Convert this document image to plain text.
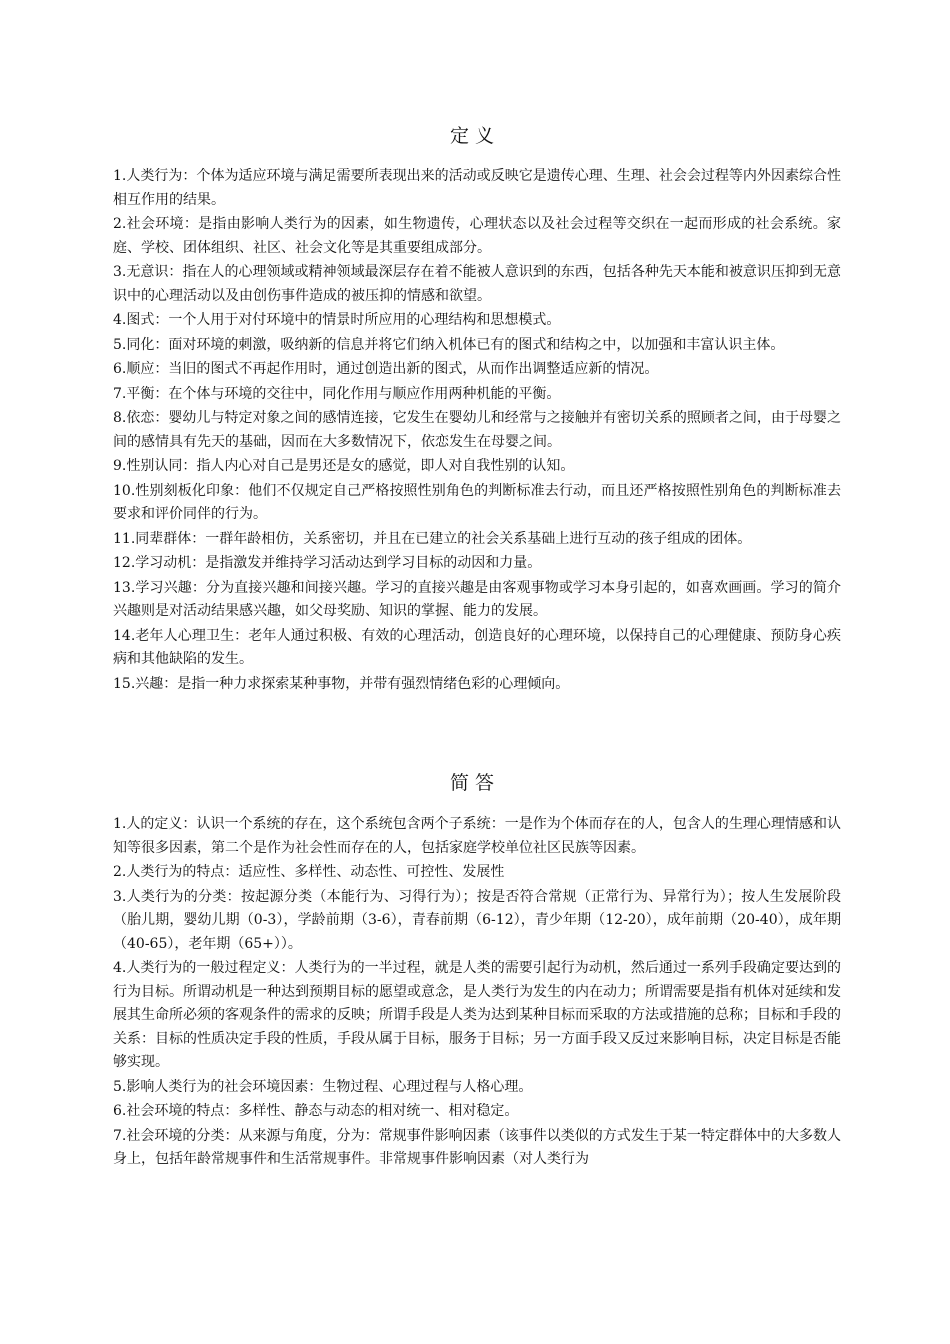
定义

1.人类行为：个体为适应环境与满足需要所表现出来的活动或反映它是遗传心理、生理、社会会过程等内外因素综合性相互作用的结果。

2.社会环境：是指由影响人类行为的因素，如生物遗传，心理状态以及社会过程等交织在一起而形成的社会系统。家庭、学校、团体组织、社区、社会文化等是其重要组成部分。

3.无意识：指在人的心理领域或精神领域最深层存在着不能被人意识到的东西，包括各种先天本能和被意识压抑到无意识中的心理活动以及由创伤事件造成的被压抑的情感和欲望。

4.图式：一个人用于对付环境中的情景时所应用的心理结构和思想模式。

5.同化：面对环境的刺激，吸纳新的信息并将它们纳入机体已有的图式和结构之中，以加强和丰富认识主体。

6.顺应：当旧的图式不再起作用时，通过创造出新的图式，从而作出调整适应新的情况。

7.平衡：在个体与环境的交往中，同化作用与顺应作用两种机能的平衡。

8.依恋：婴幼儿与特定对象之间的感情连接，它发生在婴幼儿和经常与之接触并有密切关系的照顾者之间，由于母婴之间的感情具有先天的基础，因而在大多数情况下，依恋发生在母婴之间。

9.性别认同：指人内心对自己是男还是女的感觉，即人对自我性别的认知。

10.性别刻板化印象：他们不仅规定自己严格按照性别角色的判断标准去行动，而且还严格按照性别角色的判断标准去要求和评价同伴的行为。

11.同辈群体：一群年龄相仿，关系密切，并且在已建立的社会关系基础上进行互动的孩子组成的团体。

12.学习动机：是指激发并维持学习活动达到学习目标的动因和力量。

13.学习兴趣：分为直接兴趣和间接兴趣。学习的直接兴趣是由客观事物或学习本身引起的，如喜欢画画。学习的简介兴趣则是对活动结果感兴趣，如父母奖励、知识的掌握、能力的发展。

14.老年人心理卫生：老年人通过积极、有效的心理活动，创造良好的心理环境，以保持自己的心理健康、预防身心疾病和其他缺陷的发生。

15.兴趣：是指一种力求探索某种事物，并带有强烈情绪色彩的心理倾向。

简答

1.人的定义：认识一个系统的存在，这个系统包含两个子系统：一是作为个体而存在的人，包含人的生理心理情感和认知等很多因素，第二个是作为社会性而存在的人，包括家庭学校单位社区民族等因素。

2.人类行为的特点：适应性、多样性、动态性、可控性、发展性

3.人类行为的分类：按起源分类（本能行为、习得行为）；按是否符合常规（正常行为、异常行为）；按人生发展阶段（胎儿期，婴幼儿期（0-3），学龄前期（3-6），青春前期（6-12），青少年期（12-20），成年前期（20-40），成年期（40-65），老年期（65+））。

4.人类行为的一般过程定义：人类行为的一半过程，就是人类的需要引起行为动机，然后通过一系列手段确定要达到的行为目标。所谓动机是一种达到预期目标的愿望或意念，是人类行为发生的内在动力；所谓需要是指有机体对延续和发展其生命所必须的客观条件的需求的反映；所谓手段是人类为达到某种目标而采取的方法或措施的总称；目标和手段的关系：目标的性质决定手段的性质，手段从属于目标，服务于目标；另一方面手段又反过来影响目标，决定目标是否能够实现。

5.影响人类行为的社会环境因素：生物过程、心理过程与人格心理。

6.社会环境的特点：多样性、静态与动态的相对统一、相对稳定。

7.社会环境的分类：从来源与角度，分为：常规事件影响因素（该事件以类似的方式发生于某一特定群体中的大多数人身上，包括年龄常规事件和生活常规事件。非常规事件影响因素（对人类行为
